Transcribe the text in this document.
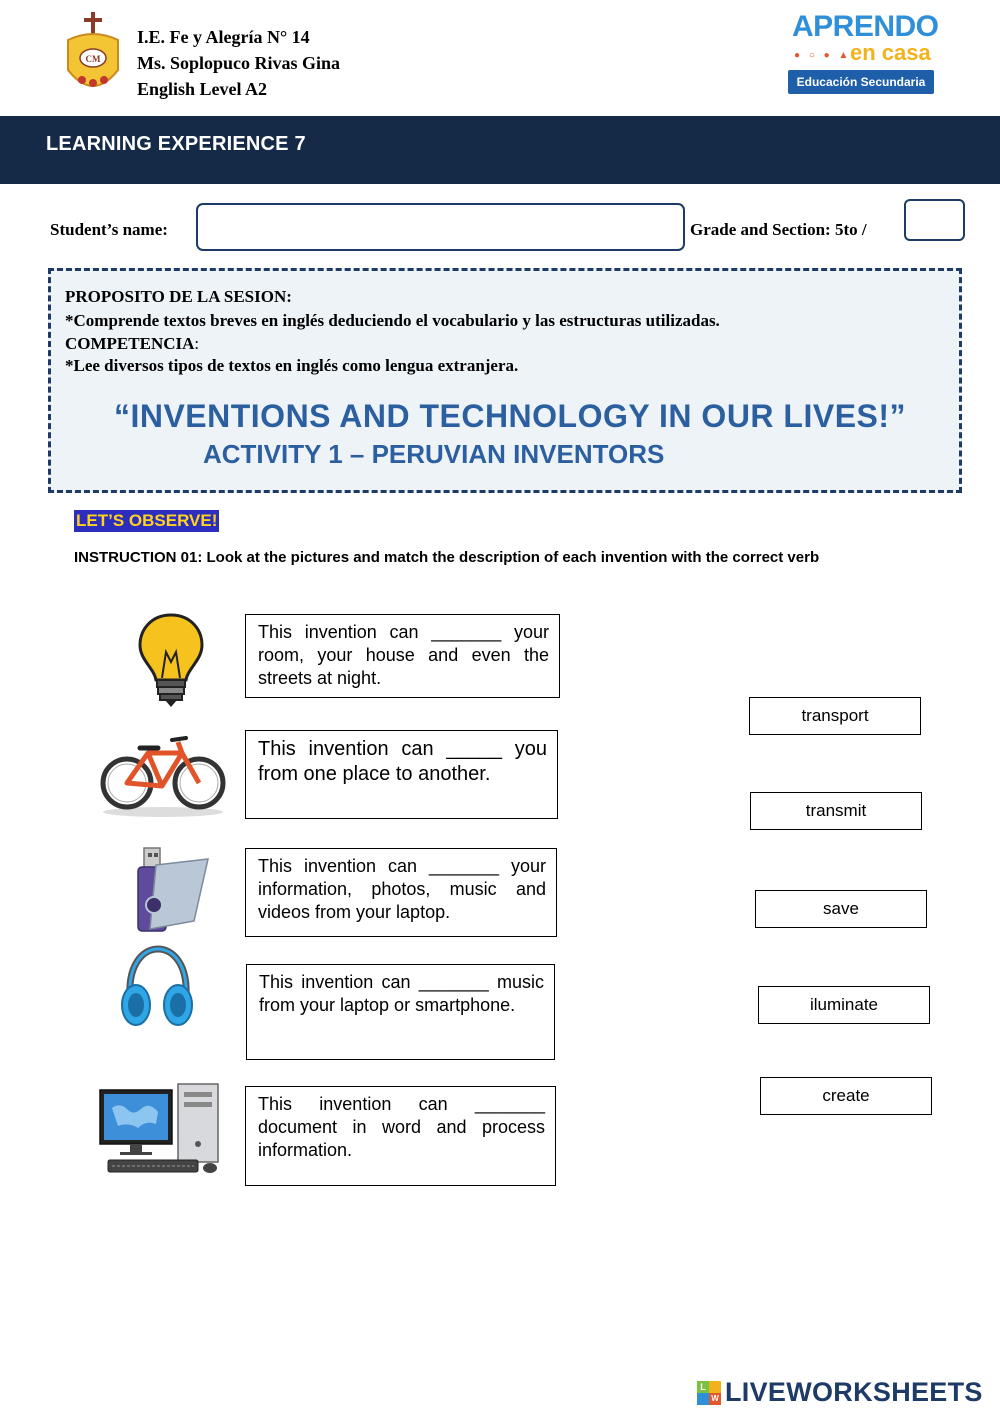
CM
I.E. Fe y Alegría N° 14
Ms. Soplopuco Rivas Gina
English Level A2
APRENDO
● ○ ● ▲
en casa
Educación Secundaria
LEARNING EXPERIENCE 7
Student’s name:	Grade and Section: 5to /
PROPOSITO DE LA SESION:
*Comprende textos breves en inglés deduciendo el vocabulario y las estructuras utilizadas.
COMPETENCIA:
*Lee diversos tipos de textos en inglés como lengua extranjera.
“INVENTIONS AND TECHNOLOGY IN OUR LIVES!”
ACTIVITY 1 – PERUVIAN INVENTORS
LET’S OBSERVE!
INSTRUCTION 01: Look at the pictures and match the description of each invention with the correct verb
This invention can _______ your room, your house and even the streets at night.
This invention can _____ you from one place to another.
This invention can _______ your information, photos, music and videos from your laptop.
This invention can _______ music from your laptop or smartphone.
This invention can _______ document in word and process information.
transport
transmit
save
iluminate
create
L
W LIVEWORKSHEETS
